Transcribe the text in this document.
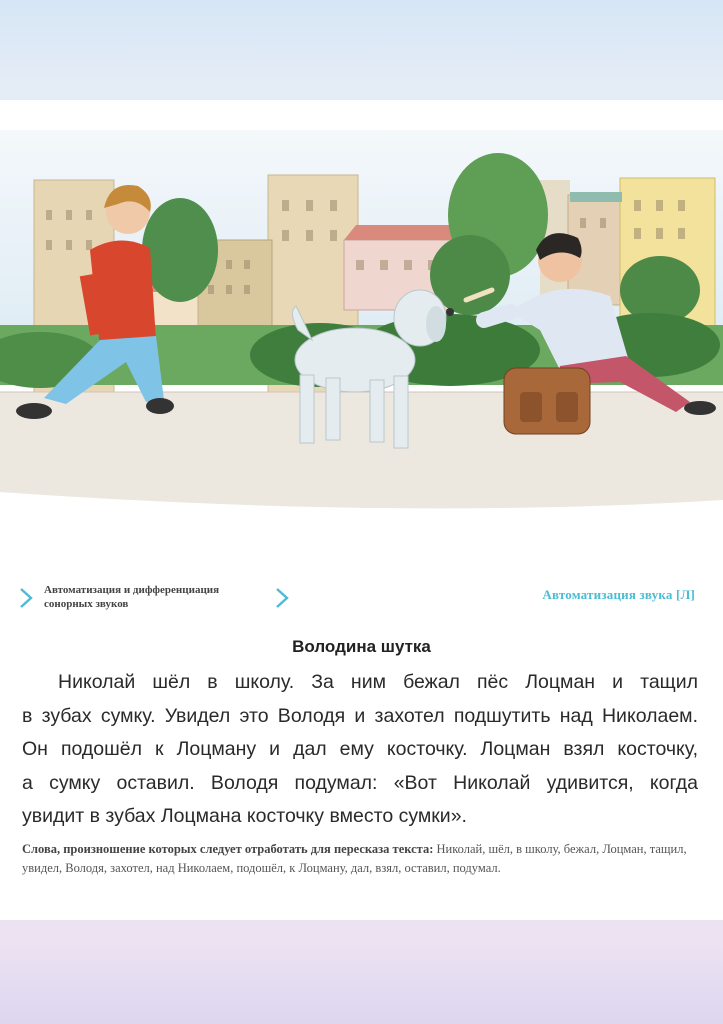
Автоматизация и дифференциация
сонорных звуков
Автоматизация звука [Л]
Володина шутка
Николай шёл в школу. За ним бежал пёс Лоцман и тащил
в зубах сумку. Увидел это Володя и захотел подшутить над Николаем.
Он подошёл к Лоцману и дал ему косточку. Лоцман взял косточку,
а сумку оставил. Володя подумал: «Вот Николай удивится, когда
увидит в зубах Лоцмана косточку вместо сумки».
Слова, произношение которых следует отработать для пересказа текста: Николай, шёл, в школу, бежал, Лоцман, тащил, увидел, Володя, захотел, над Николаем, подошёл, к Лоцману, дал, взял, оставил, подумал.
